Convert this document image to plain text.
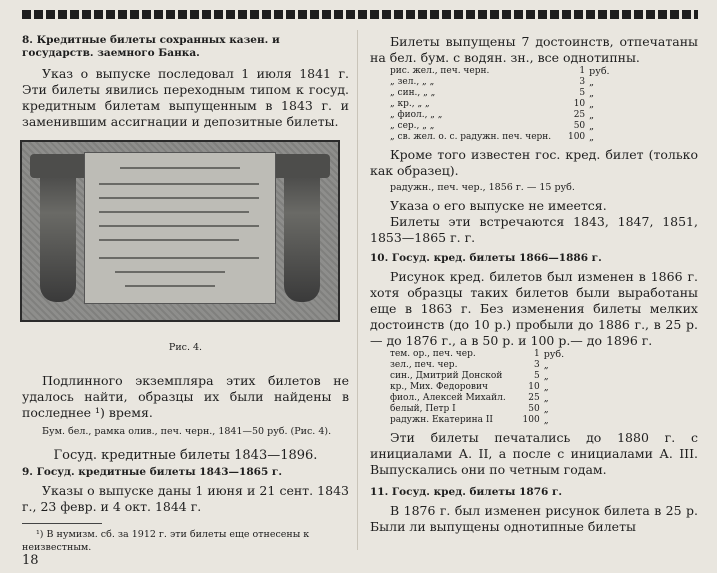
8. Кредитные билеты сохранных казен. и государств. заемного Банка.

Указ о выпуске последовал 1 июля 1841 г. Эти билеты явились переходным типом к госуд. кредитным билетам выпущенным в 1843 г. и заменившим ассигнации и депозитные билеты.

Рис. 4.

Подлинного экземпляра этих билетов не удалось найти, образцы их были найдены в последнее ¹) время.

Бум. бел., рамка олив., печ. черн., 1841—50 руб. (Рис. 4).

Госуд. кредитные билеты 1843—1896.

9. Госуд. кредитные билеты 1843—1865 г.

Указы о выпуске даны 1 июня и 21 сент. 1843 г., 23 февр. и 4 окт. 1844 г.

¹) В нумизм. сб. за 1912 г. эти билеты еще отнесены к неизвестным.

18

Билеты выпущены 7 достоинств, отпечатаны на бел. бум. с водян. зн., все однотипны.

рис. жел., печ. черн.	1	руб.
„ зел., „ „	3	„
„ син., „ „	5	„
„ кр., „ „	10	„
„ фиол., „ „	25	„
„ сер., „ „	50	„
„ св. жел. о. с. радужн. печ. черн.	100	„

Кроме того известен гос. кред. билет (только как образец).

радужн., печ. чер., 1856 г. — 15 руб.

Указа о его выпуске не имеется.

Билеты эти встречаются 1843, 1847, 1851, 1853—1865 г. г.

10. Госуд. кред. билеты 1866—1886 г.

Рисунок кред. билетов был изменен в 1866 г. хотя образцы таких билетов были выработаны еще в 1863 г. Без изменения билеты мелких достоинств (до 10 р.) пробыли до 1886 г., в 25 р.— до 1876 г., а в 50 р. и 100 р.— до 1896 г.

тем. ор., печ. чер.	1	руб.
зел., печ. чер.	3	„
син., Дмитрий Донской	5	„
кр., Мих. Федорович	10	„
фиол., Алексей Михайл.	25	„
белый, Петр I	50	„
радужн. Екатерина II	100	„

Эти билеты печатались до 1880 г. с инициалами А. II, а после с инициалами А. III. Выпускались они по четным годам.

11. Госуд. кред. билеты 1876 г.

В 1876 г. был изменен рисунок билета в 25 р. Были ли выпущены однотипные билеты
